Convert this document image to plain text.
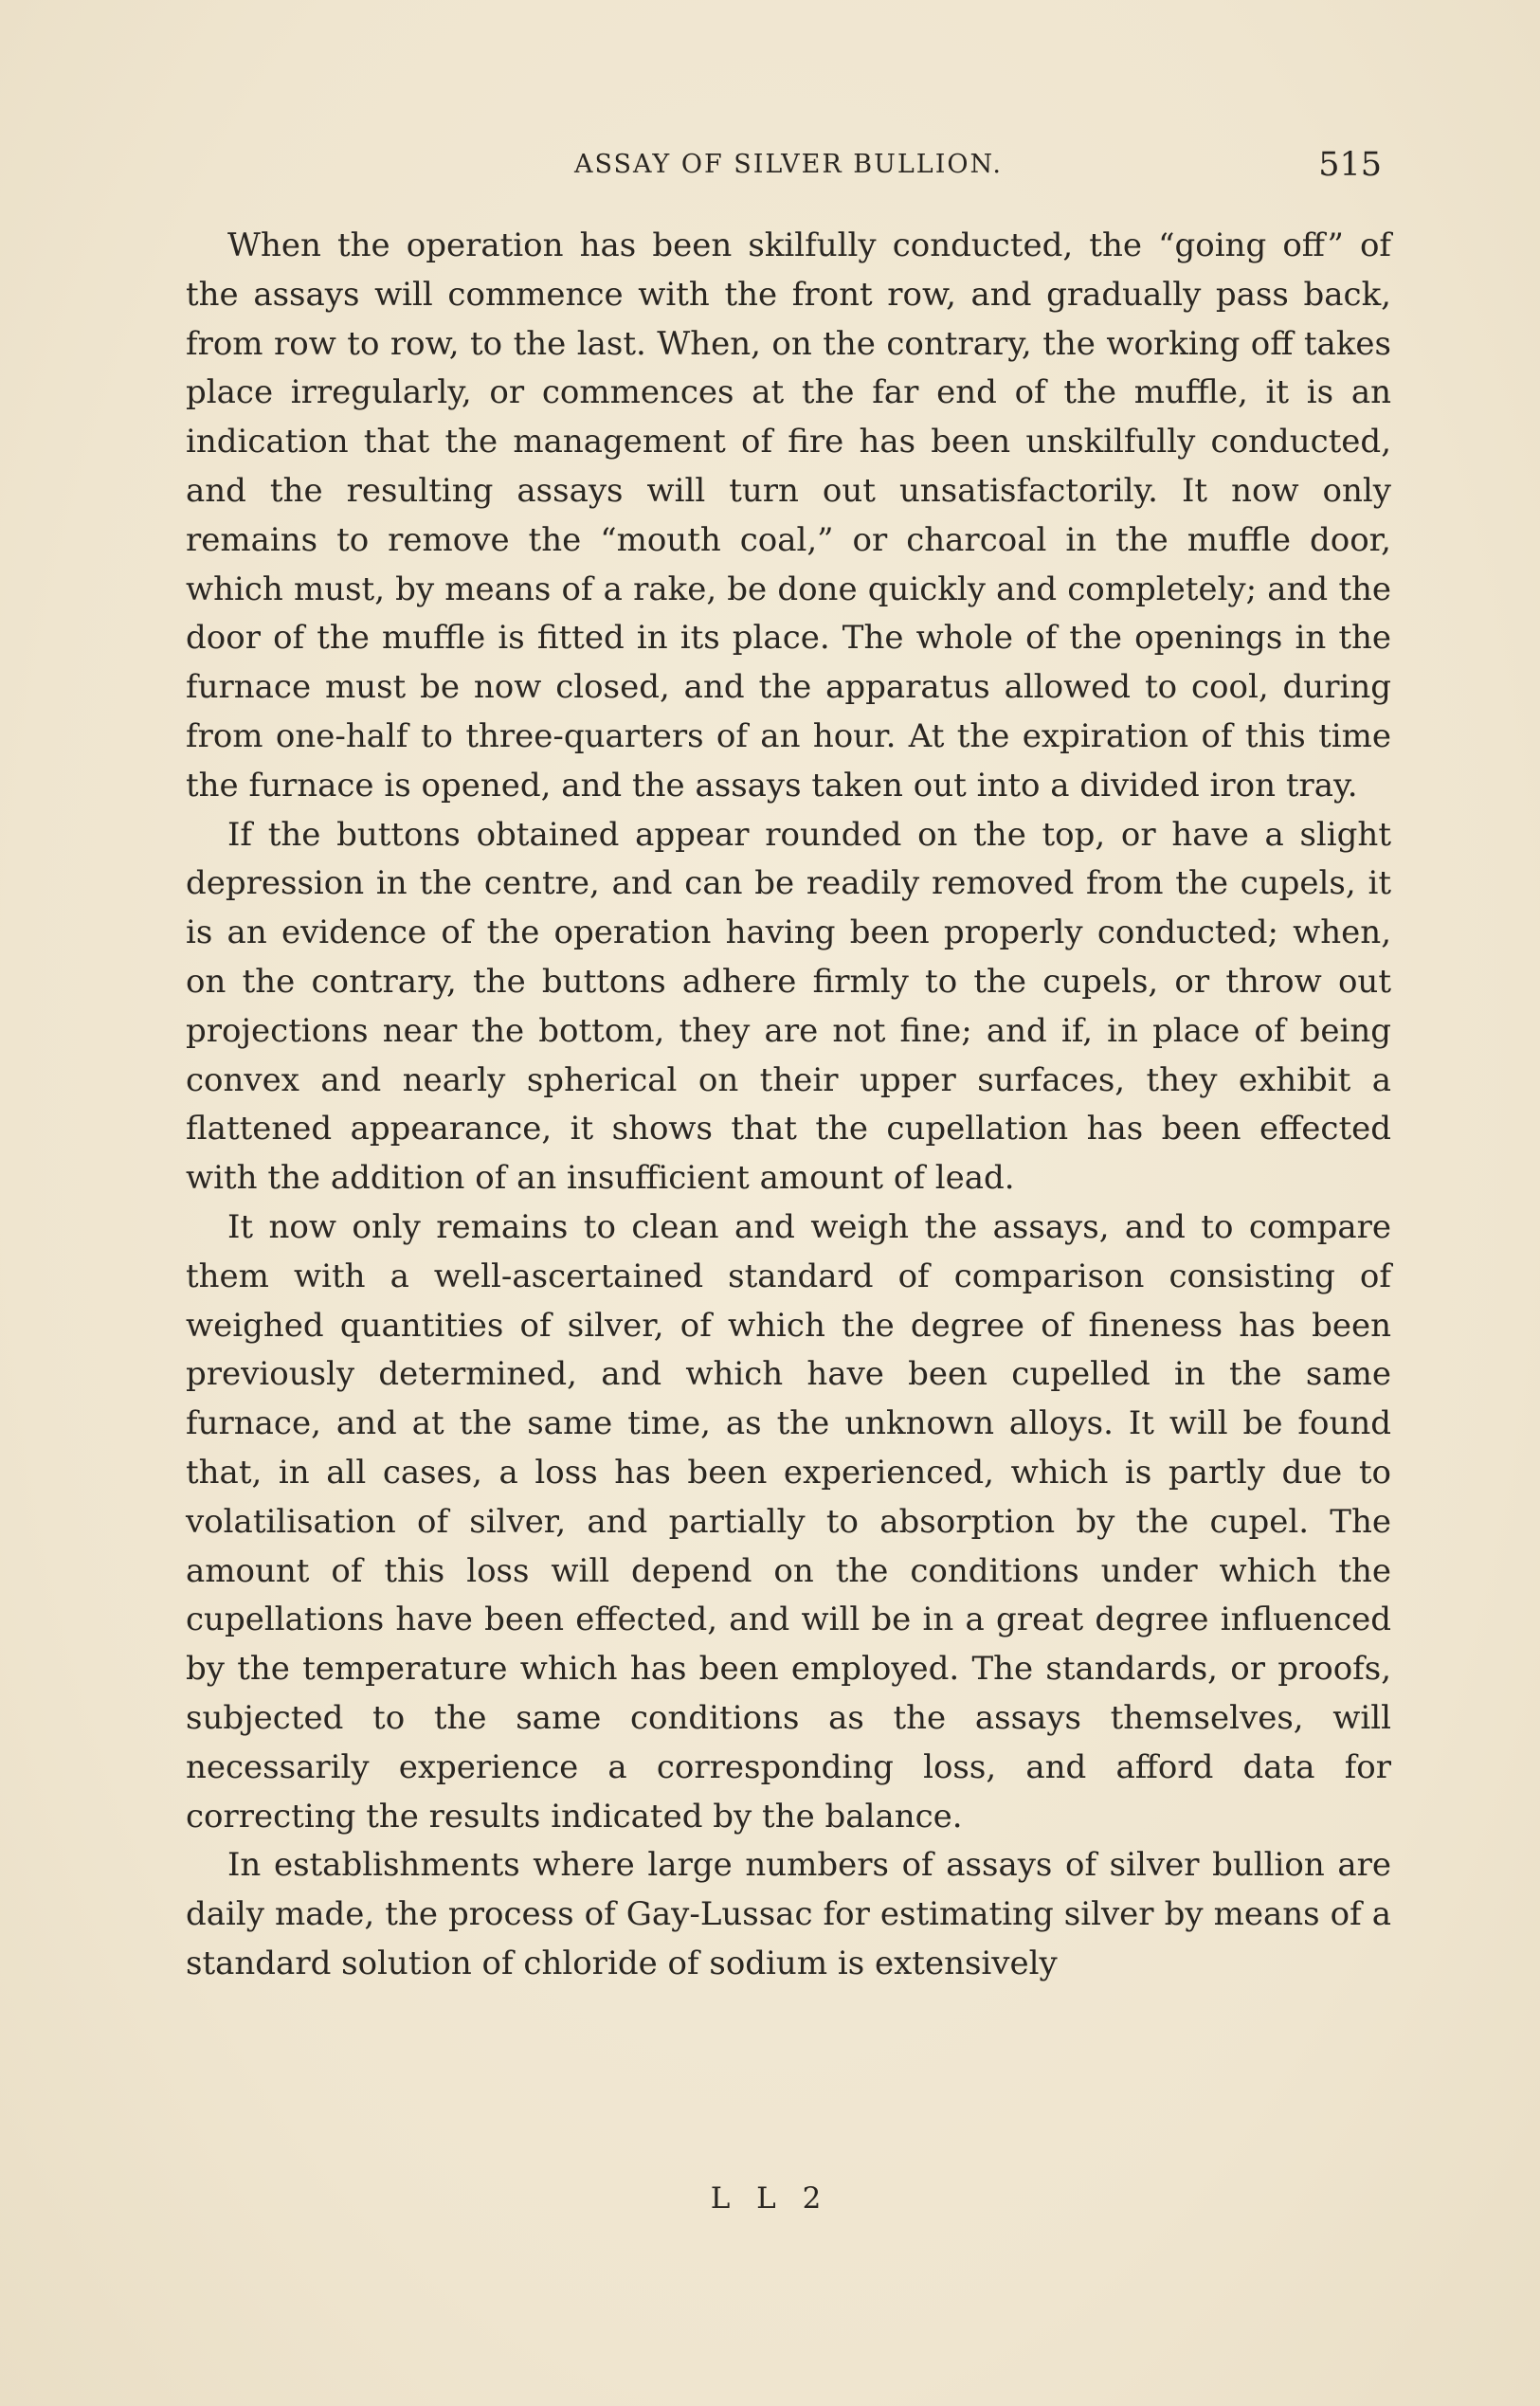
ASSAY OF SILVER BULLION.	515

When the operation has been skilfully conducted, the “going off” of the assays will commence with the front row, and gradually pass back, from row to row, to the last. When, on the contrary, the working off takes place irregularly, or commences at the far end of the muffle, it is an indication that the management of fire has been unskilfully conducted, and the resulting assays will turn out unsatisfactorily. It now only remains to remove the “mouth coal,” or charcoal in the muffle door, which must, by means of a rake, be done quickly and completely; and the door of the muffle is fitted in its place. The whole of the openings in the furnace must be now closed, and the apparatus allowed to cool, during from one-half to three-quarters of an hour. At the expiration of this time the furnace is opened, and the assays taken out into a divided iron tray.

If the buttons obtained appear rounded on the top, or have a slight depression in the centre, and can be readily removed from the cupels, it is an evidence of the operation having been properly conducted; when, on the contrary, the buttons adhere firmly to the cupels, or throw out projections near the bottom, they are not fine; and if, in place of being convex and nearly spherical on their upper surfaces, they exhibit a flattened appearance, it shows that the cupellation has been effected with the addition of an insufficient amount of lead.

It now only remains to clean and weigh the assays, and to compare them with a well-ascertained standard of comparison consisting of weighed quantities of silver, of which the degree of fineness has been previously determined, and which have been cupelled in the same furnace, and at the same time, as the unknown alloys. It will be found that, in all cases, a loss has been experienced, which is partly due to volatilisation of silver, and partially to absorption by the cupel. The amount of this loss will depend on the conditions under which the cupellations have been effected, and will be in a great degree influenced by the temperature which has been employed. The standards, or proofs, subjected to the same conditions as the assays themselves, will necessarily experience a corresponding loss, and afford data for correcting the results indicated by the balance.

In establishments where large numbers of assays of silver bullion are daily made, the process of Gay-Lussac for estimating silver by means of a standard solution of chloride of sodium is extensively

L L 2
